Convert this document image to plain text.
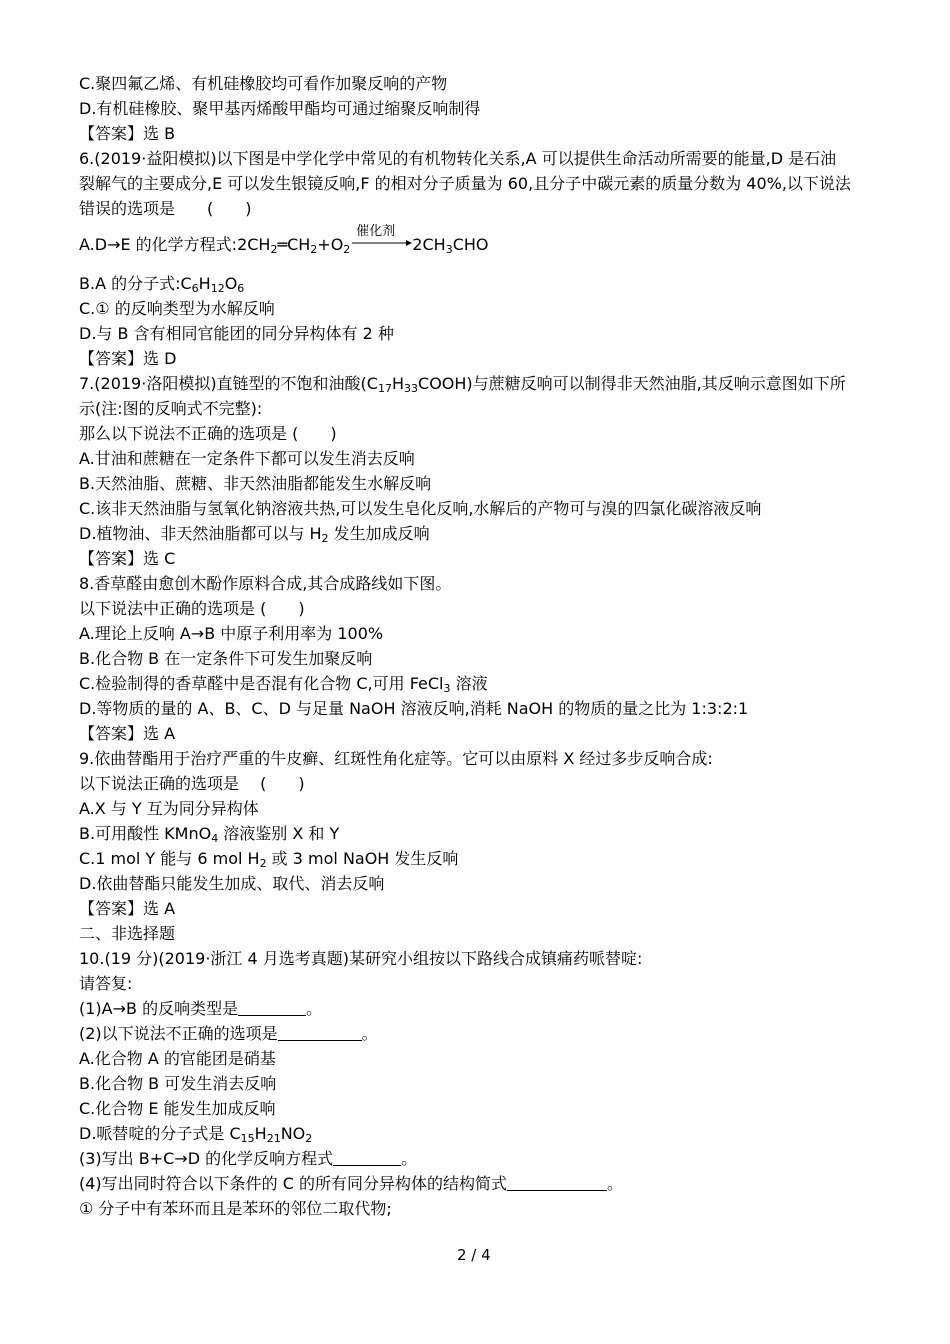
C.聚四氟乙烯、有机硅橡胶均可看作加聚反响的产物
D.有机硅橡胶、聚甲基丙烯酸甲酯均可通过缩聚反响制得
【答案】选 B
6.(2019·益阳模拟)以下图是中学化学中常见的有机物转化关系,A 可以提供生命活动所需要的能量,D 是石油
裂解气的主要成分,E 可以发生银镜反响,F 的相对分子质量为 60,且分子中碳元素的质量分数为 40%,以下说法
错误的选项是　　(　　)
A.D→E 的化学方程式$:2CH_2═CH_2+O_2$
催化剂
$2CH_3CHO$
B.A 的分子式$:C_6H_{12}O_6$
C.① 的反响类型为水解反响
D.与 B 含有相同官能团的同分异构体有 2 种
【答案】选 D
7.(2019·洛阳模拟)直链型的不饱和油酸$(C_{17}H_{33}COOH)$与蔗糖反响可以制得非天然油脂,其反响示意图如下所
示(注:图的反响式不完整):
那么以下说法不正确的选项是 (　　)
A.甘油和蔗糖在一定条件下都可以发生消去反响
B.天然油脂、蔗糖、非天然油脂都能发生水解反响
C.该非天然油脂与氢氧化钠溶液共热,可以发生皂化反响,水解后的产物可与溴的四氯化碳溶液反响
D.植物油、非天然油脂都可以与 $H_2$ 发生加成反响
【答案】选 C
8.香草醛由愈创木酚作原料合成,其合成路线如下图。
以下说法中正确的选项是 (　　)
A.理论上反响 A→B 中原子利用率为 100%
B.化合物 B 在一定条件下可发生加聚反响
C.检验制得的香草醛中是否混有化合物 C,可用 FeCl$_3$ 溶液
D.等物质的量的 A、B、C、D 与足量 NaOH 溶液反响,消耗 NaOH 的物质的量之比为 1:3:2:1
【答案】选 A
9.依曲替酯用于治疗严重的牛皮癣、红斑性角化症等。它可以由原料 X 经过多步反响合成:
以下说法正确的选项是　 (　　)
A.X 与 Y 互为同分异构体
B.可用酸性 KMnO$_4$ 溶液鉴别 X 和 Y
C.1 mol Y 能与 6 mol $H_2$ 或 3 mol NaOH 发生反响
D.依曲替酯只能发生加成、取代、消去反响
【答案】选 A
二、非选择题
10.(19 分)(2019·浙江 4 月选考真题)某研究小组按以下路线合成镇痛药哌替啶:
请答复:
(1)A→B 的反响类型是	。
(2)以下说法不正确的选项是	。
A.化合物 A 的官能团是硝基
B.化合物 B 可发生消去反响
C.化合物 E 能发生加成反响
D.哌替啶的分子式是 $C_{15}H_{21}NO_2$
(3)写出 B+C→D 的化学反响方程式	。
(4)写出同时符合以下条件的 C 的所有同分异构体的结构简式	。
① 分子中有苯环而且是苯环的邻位二取代物;
2 / 4
